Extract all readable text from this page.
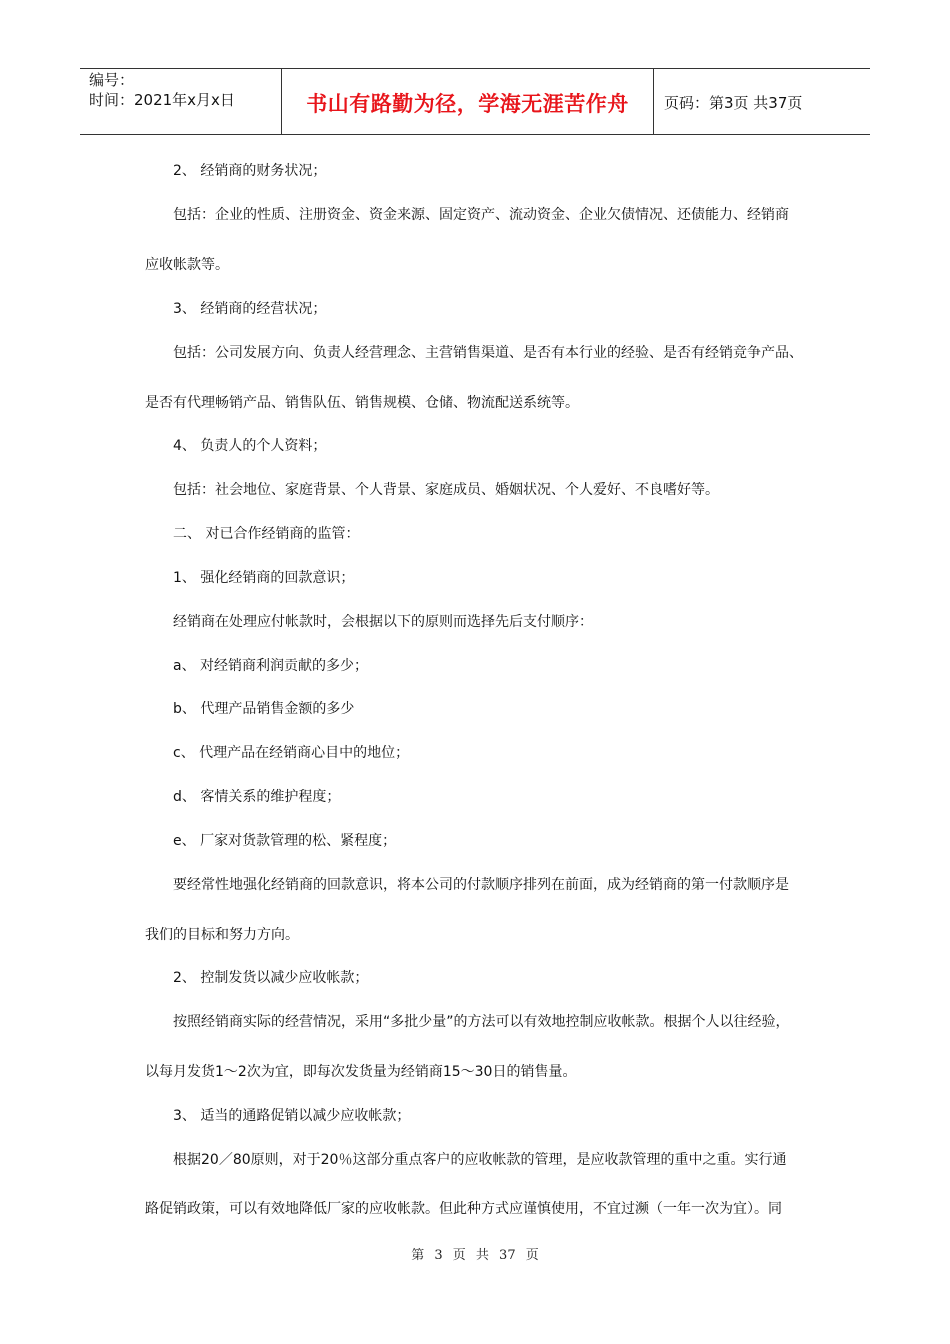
编号：
时间：2021年x月x日	书山有路勤为径，学海无涯苦作舟	页码：第3页 共37页
2、 经销商的财务状况；
包括：企业的性质、注册资金、资金来源、固定资产、流动资金、企业欠债情况、还债能力、经销商
应收帐款等。
3、 经销商的经营状况；
包括：公司发展方向、负责人经营理念、主营销售渠道、是否有本行业的经验、是否有经销竞争产品、
是否有代理畅销产品、销售队伍、销售规模、仓储、物流配送系统等。
4、 负责人的个人资料；
包括：社会地位、家庭背景、个人背景、家庭成员、婚姻状况、个人爱好、不良嗜好等。
二、 对已合作经销商的监管：
1、 强化经销商的回款意识；
经销商在处理应付帐款时，会根据以下的原则而选择先后支付顺序：
a、 对经销商利润贡献的多少；
b、 代理产品销售金额的多少
c、 代理产品在经销商心目中的地位；
d、 客情关系的维护程度；
e、 厂家对货款管理的松、紧程度；
要经常性地强化经销商的回款意识，将本公司的付款顺序排列在前面，成为经销商的第一付款顺序是
我们的目标和努力方向。
2、 控制发货以减少应收帐款；
按照经销商实际的经营情况，采用“多批少量”的方法可以有效地控制应收帐款。根据个人以往经验，
以每月发货1～2次为宜，即每次发货量为经销商15～30日的销售量。
3、 适当的通路促销以减少应收帐款；
根据20／80原则，对于20％这部分重点客户的应收帐款的管理，是应收款管理的重中之重。实行通
路促销政策，可以有效地降低厂家的应收帐款。但此种方式应谨慎使用，不宜过濒（一年一次为宜）。同
第 3 页 共 37 页
